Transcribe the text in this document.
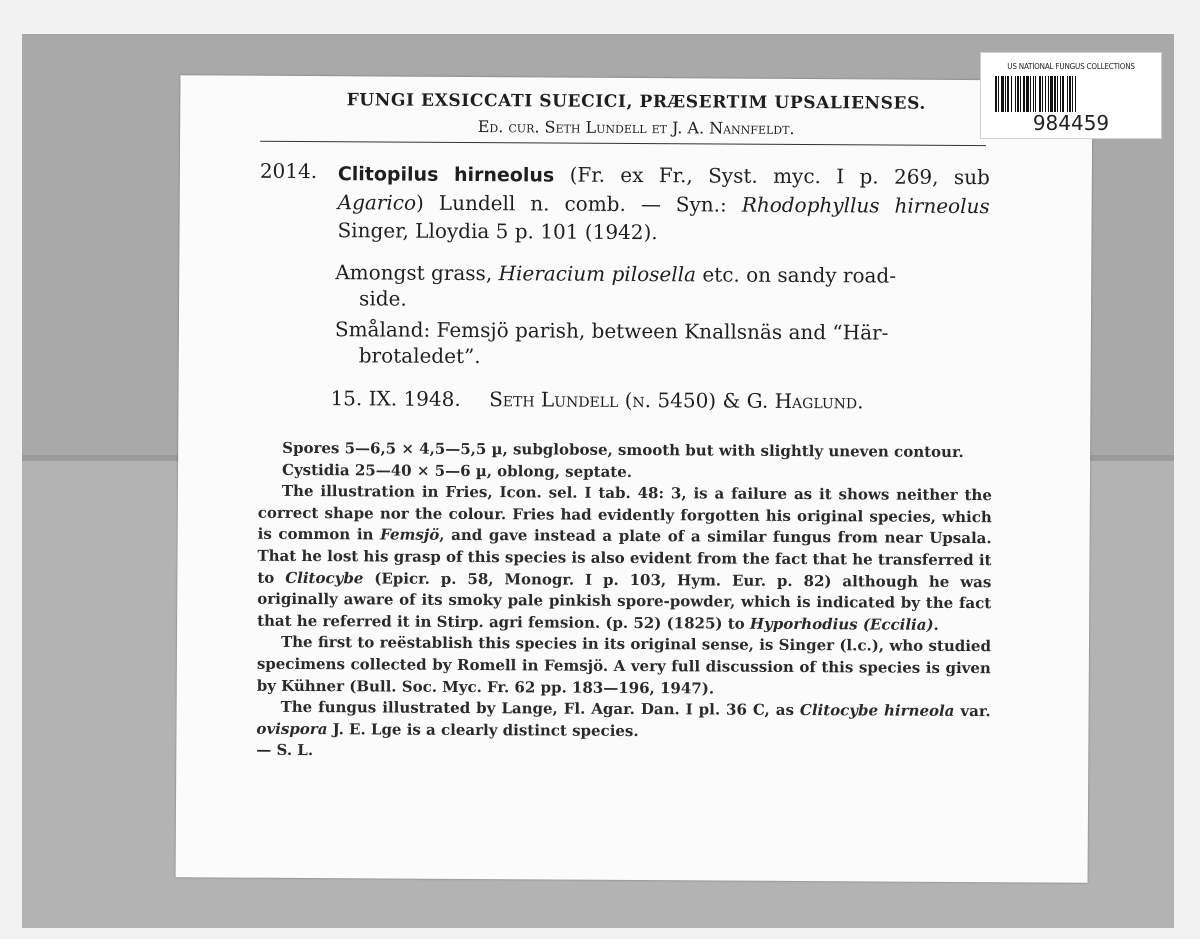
FUNGI EXSICCATI SUECICI, PRÆSERTIM UPSALIENSES.
Ed. cur. Seth Lundell et J. A. Nannfeldt.
2014. Clitopilus hirneolus (Fr. ex Fr., Syst. myc. I p. 269, sub Agarico) Lundell n. comb. — Syn.: Rhodophyllus hirneolus Singer, Lloydia 5 p. 101 (1942).
Amongst grass, Hieracium pilosella etc. on sandy road-
side.
Småland: Femsjö parish, between Knallsnäs and “Här-
brotaledet”.
15. IX. 1948. Seth Lundell (n. 5450) & G. Haglund.

Spores 5—6,5 × 4,5—5,5 µ, subglobose, smooth but with slightly uneven contour.

Cystidia 25—40 × 5—6 µ, oblong, septate.

The illustration in Fries, Icon. sel. I tab. 48: 3, is a failure as it shows neither the correct shape nor the colour. Fries had evidently forgotten his original species, which is common in Femsjö, and gave instead a plate of a similar fungus from near Upsala. That he lost his grasp of this species is also evident from the fact that he transferred it to Clitocybe (Epicr. p. 58, Monogr. I p. 103, Hym. Eur. p. 82) although he was originally aware of its smoky pale pinkish spore-powder, which is indicated by the fact that he referred it in Stirp. agri femsion. (p. 52) (1825) to Hyporhodius (Eccilia).

The first to reëstablish this species in its original sense, is Singer (l.c.), who studied specimens collected by Romell in Femsjö. A very full discussion of this species is given by Kühner (Bull. Soc. Myc. Fr. 62 pp. 183—196, 1947).

The fungus illustrated by Lange, Fl. Agar. Dan. I pl. 36 C, as Clitocybe hirneola var. ovispora J. E. Lge is a clearly distinct species.

— S. L.

US NATIONAL FUNGUS COLLECTIONS
984459
